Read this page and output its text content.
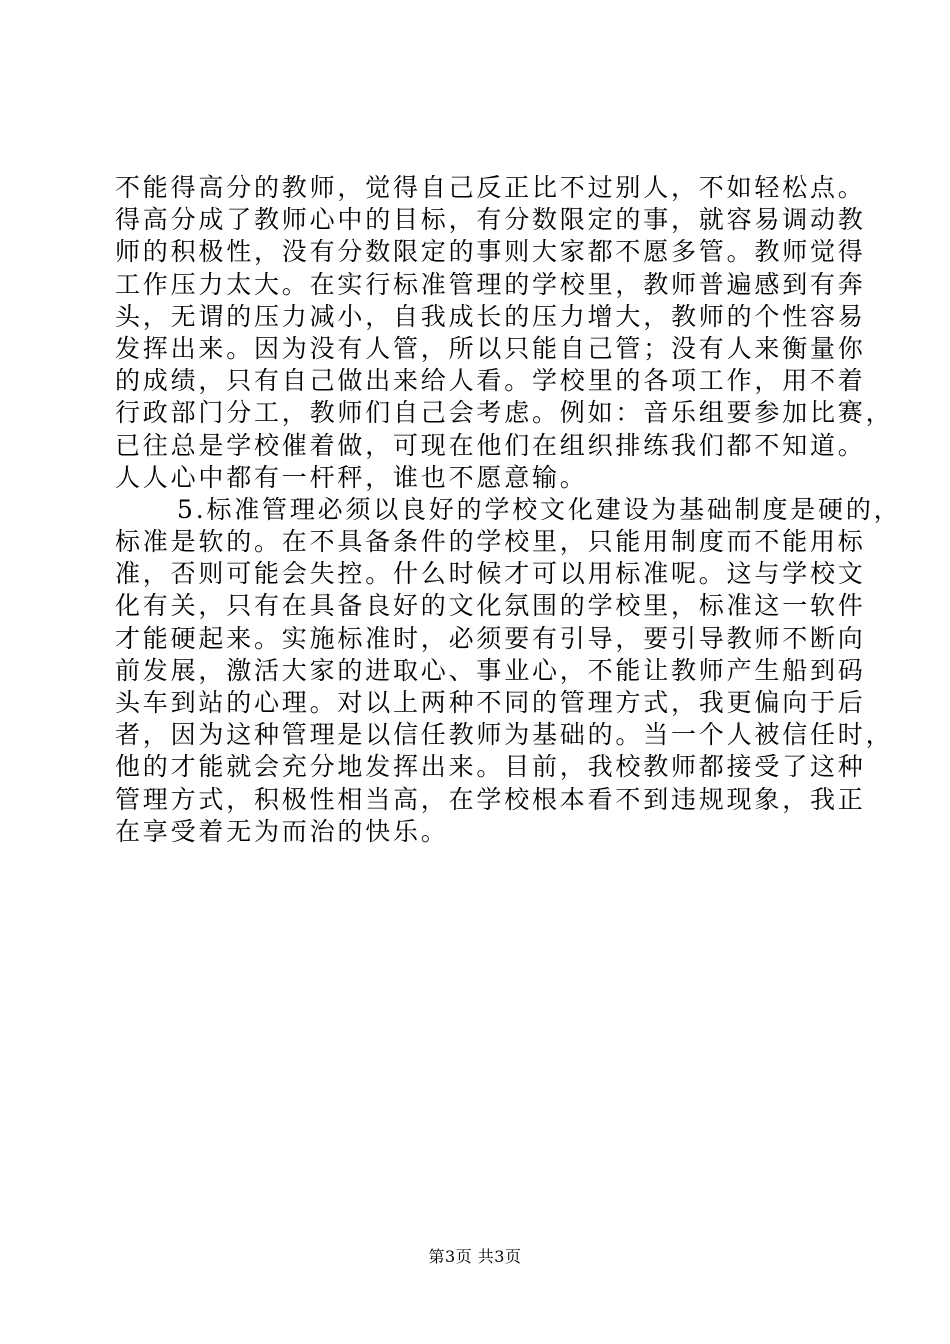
不能得高分的教师，觉得自己反正比不过别人，不如轻松点。
得高分成了教师心中的目标，有分数限定的事，就容易调动教
师的积极性，没有分数限定的事则大家都不愿多管。教师觉得
工作压力太大。在实行标准管理的学校里，教师普遍感到有奔
头，无谓的压力减小，自我成长的压力增大，教师的个性容易
发挥出来。因为没有人管，所以只能自己管；没有人来衡量你
的成绩，只有自己做出来给人看。学校里的各项工作，用不着
行政部门分工，教师们自己会考虑。例如：音乐组要参加比赛，
已往总是学校催着做，可现在他们在组织排练我们都不知道。
人人心中都有一杆秤，谁也不愿意输。
5.标准管理必须以良好的学校文化建设为基础制度是硬的，
标准是软的。在不具备条件的学校里，只能用制度而不能用标
准，否则可能会失控。什么时候才可以用标准呢。这与学校文
化有关，只有在具备良好的文化氛围的学校里，标准这一软件
才能硬起来。实施标准时，必须要有引导，要引导教师不断向
前发展，激活大家的进取心、事业心，不能让教师产生船到码
头车到站的心理。对以上两种不同的管理方式，我更偏向于后
者，因为这种管理是以信任教师为基础的。当一个人被信任时，
他的才能就会充分地发挥出来。目前，我校教师都接受了这种
管理方式，积极性相当高，在学校根本看不到违规现象，我正
在享受着无为而治的快乐。
第3页 共3页
